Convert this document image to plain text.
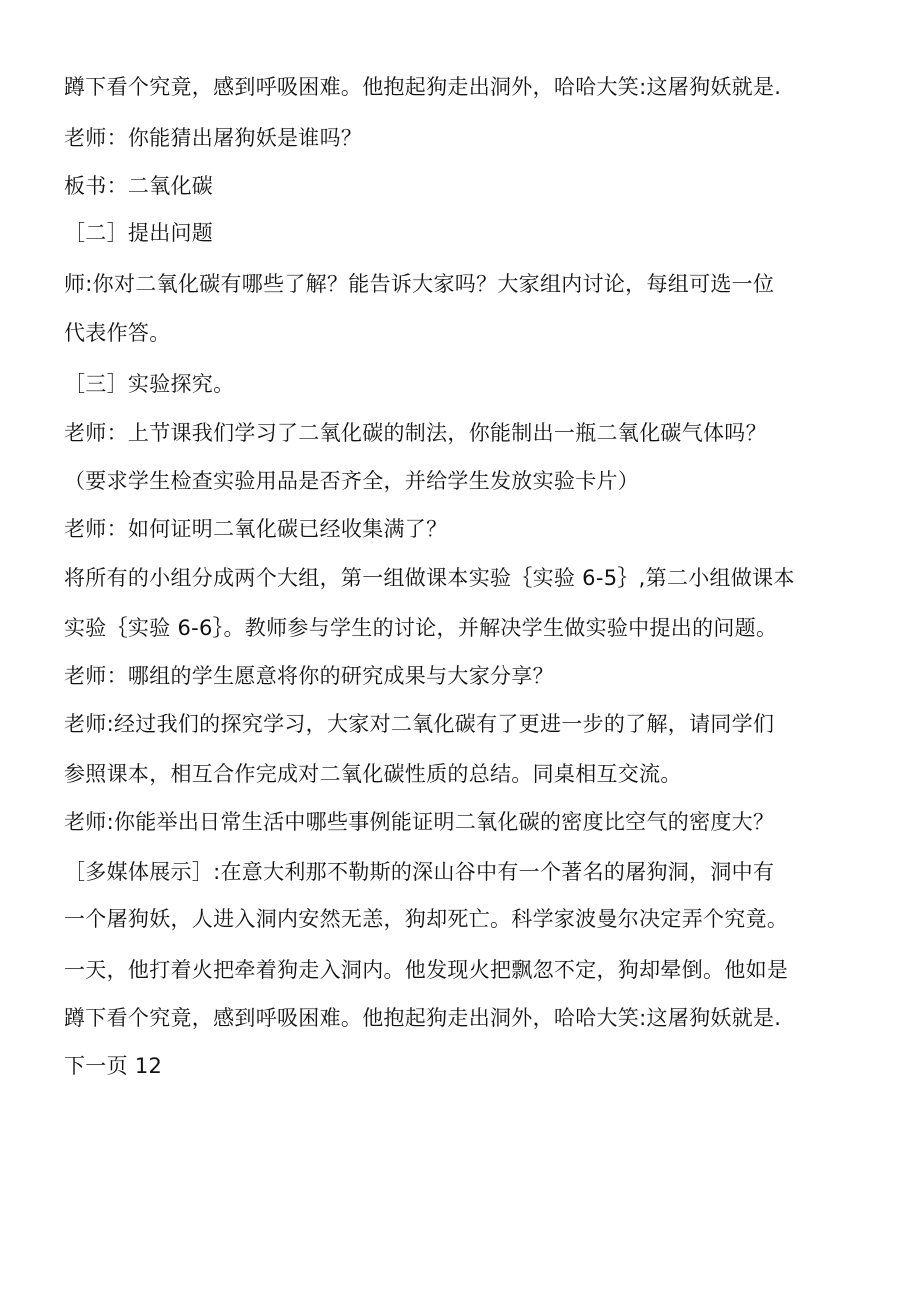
蹲下看个究竟，感到呼吸困难。他抱起狗走出洞外，哈哈大笑:这屠狗妖就是.
老师：你能猜出屠狗妖是谁吗？
板书：二氧化碳
［二］提出问题
师:你对二氧化碳有哪些了解？能告诉大家吗？大家组内讨论，每组可选一位
代表作答。
［三］实验探究。
老师：上节课我们学习了二氧化碳的制法，你能制出一瓶二氧化碳气体吗？
（要求学生检查实验用品是否齐全，并给学生发放实验卡片）
老师：如何证明二氧化碳已经收集满了？
将所有的小组分成两个大组，第一组做课本实验｛实验 6-5｝,第二小组做课本
实验｛实验 6-6｝。教师参与学生的讨论，并解决学生做实验中提出的问题。
老师：哪组的学生愿意将你的研究成果与大家分享？
老师:经过我们的探究学习，大家对二氧化碳有了更进一步的了解，请同学们
参照课本，相互合作完成对二氧化碳性质的总结。同桌相互交流。
老师:你能举出日常生活中哪些事例能证明二氧化碳的密度比空气的密度大？
［多媒体展示］:在意大利那不勒斯的深山谷中有一个著名的屠狗洞，洞中有
一个屠狗妖，人进入洞内安然无恙，狗却死亡。科学家波曼尔决定弄个究竟。
一天，他打着火把牵着狗走入洞内。他发现火把飘忽不定，狗却晕倒。他如是
蹲下看个究竟，感到呼吸困难。他抱起狗走出洞外，哈哈大笑:这屠狗妖就是.
下一页 12
